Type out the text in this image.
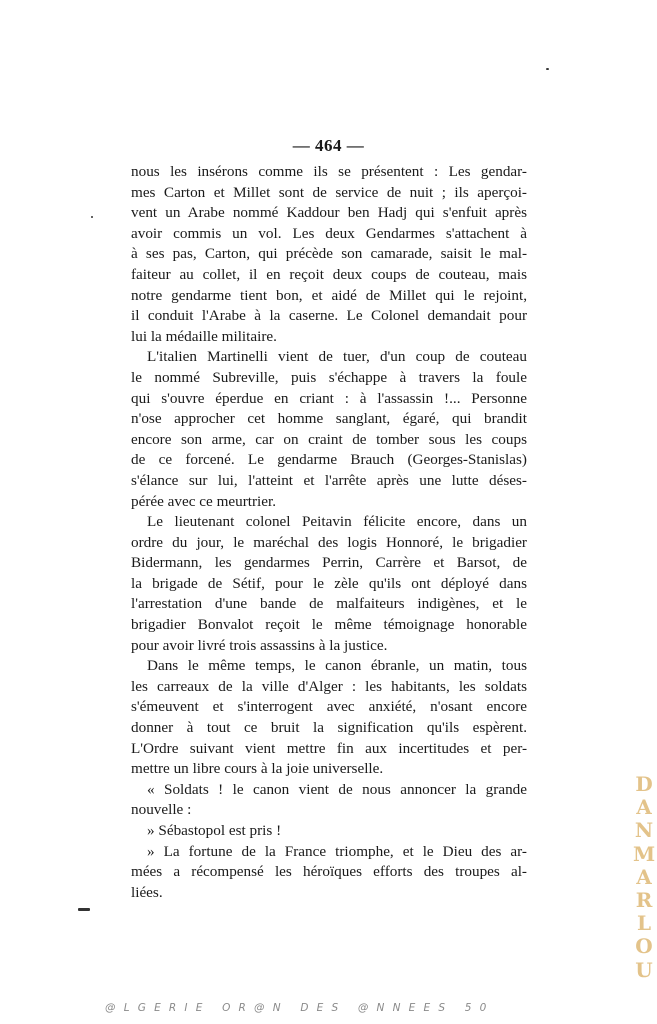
— 464 —
nous les insérons comme ils se présentent : Les gendar-
mes Carton et Millet sont de service de nuit ; ils aperçoi-
vent un Arabe nommé Kaddour ben Hadj qui s'enfuit après
avoir commis un vol. Les deux Gendarmes s'attachent à
à ses pas, Carton, qui précède son camarade, saisit le mal-
faiteur au collet, il en reçoit deux coups de couteau, mais
notre gendarme tient bon, et aidé de Millet qui le rejoint,
il conduit l'Arabe à la caserne. Le Colonel demandait pour
lui la médaille militaire.
L'italien Martinelli vient de tuer, d'un coup de couteau
le nommé Subreville, puis s'échappe à travers la foule
qui s'ouvre éperdue en criant : à l'assassin !... Personne
n'ose approcher cet homme sanglant, égaré, qui brandit
encore son arme, car on craint de tomber sous les coups
de ce forcené. Le gendarme Brauch (Georges-Stanislas)
s'élance sur lui, l'atteint et l'arrête après une lutte déses-
pérée avec ce meurtrier.
Le lieutenant colonel Peitavin félicite encore, dans un
ordre du jour, le maréchal des logis Honnoré, le brigadier
Bidermann, les gendarmes Perrin, Carrère et Barsot, de
la brigade de Sétif, pour le zèle qu'ils ont déployé dans
l'arrestation d'une bande de malfaiteurs indigènes, et le
brigadier Bonvalot reçoit le même témoignage honorable
pour avoir livré trois assassins à la justice.
Dans le même temps, le canon ébranle, un matin, tous
les carreaux de la ville d'Alger : les habitants, les soldats
s'émeuvent et s'interrogent avec anxiété, n'osant encore
donner à tout ce bruit la signification qu'ils espèrent.
L'Ordre suivant vient mettre fin aux incertitudes et per-
mettre un libre cours à la joie universelle.
« Soldats ! le canon vient de nous annoncer la grande
nouvelle :
» Sébastopol est pris !
» La fortune de la France triomphe, et le Dieu des ar-
mées a récompensé les héroïques efforts des troupes al-
liées.
D
A
N
M
A
R
L
O
U
@LGERIE OR@N DES @NNEES 50
